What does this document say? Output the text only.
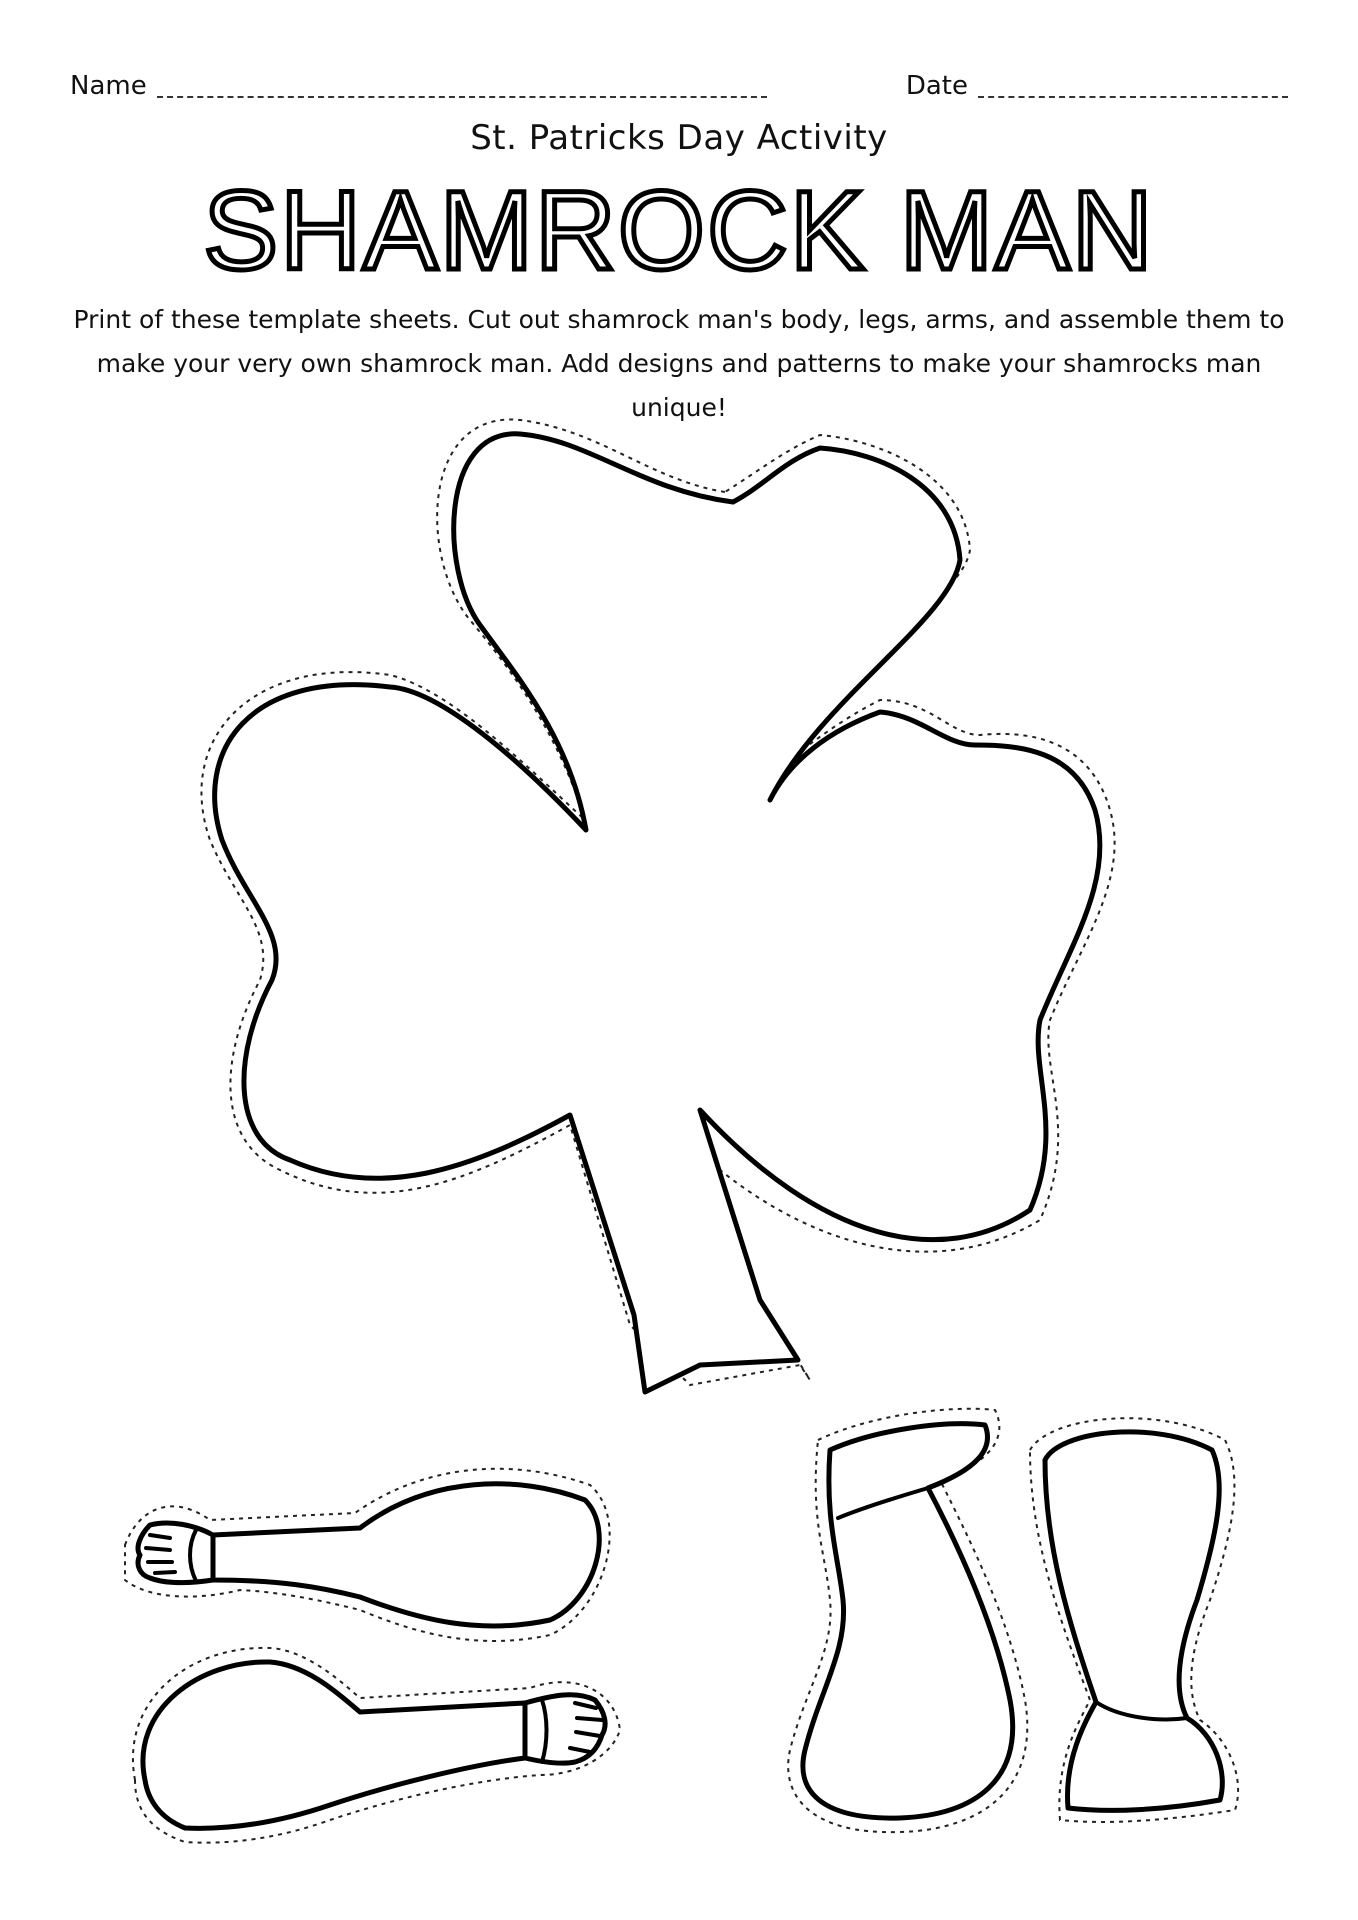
Name	Date
St. Patricks Day Activity
SHAMROCK MAN
Print of these template sheets. Cut out shamrock man's body, legs, arms, and assemble them to make your very own shamrock man. Add designs and patterns to make your shamrocks man unique!
